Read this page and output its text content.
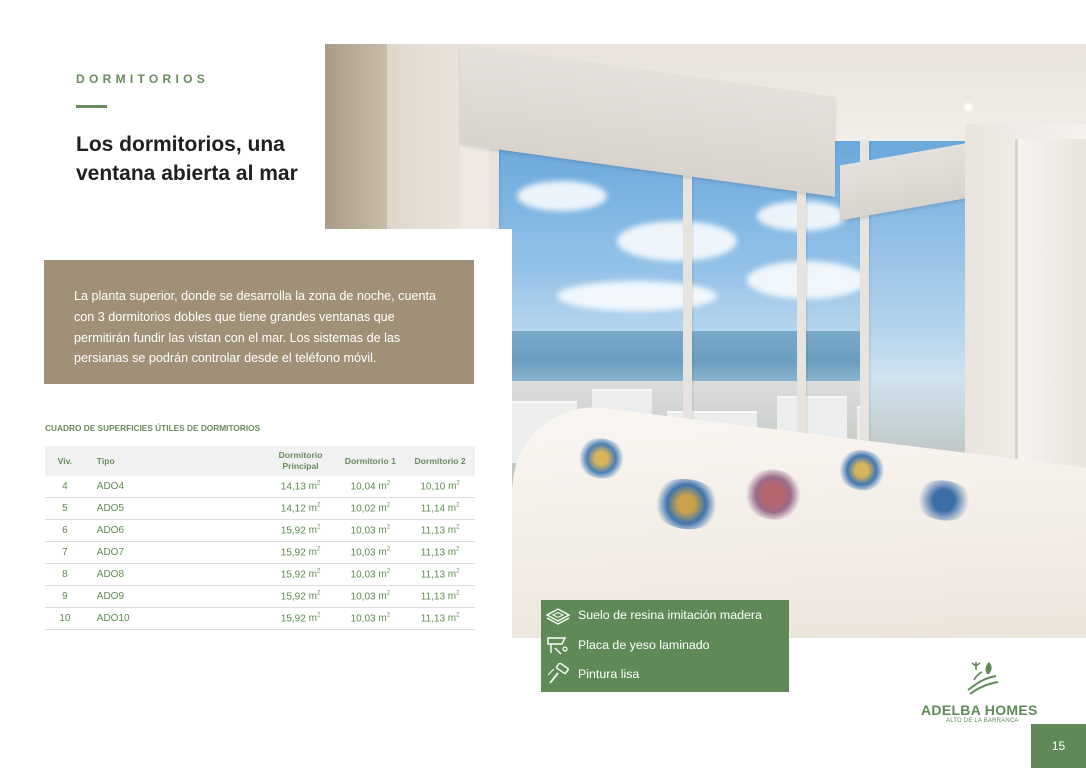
DORMITORIOS
Los dormitorios, una ventana abierta al mar

La planta superior, donde se desarrolla la zona de noche, cuenta con 3 dormitorios dobles que tiene grandes ventanas que permitirán fundir las vistan con el mar. Los sistemas de las persianas se podrán controlar desde el teléfono móvil.

CUADRO DE SUPERFICIES ÚTILES DE DORMITORIOS
Viv.	Tipo	Dormitorio Principal	Dormitorio 1	Dormitorio 2
4	ADO4	14,13 $m^2$	10,04 $m^2$	10,10 $m^2$
5	ADO5	14,12 $m^2$	10,02 $m^2$	11,14 $m^2$
6	ADO6	15,92 $m^2$	10,03 $m^2$	11,13 $m^2$
7	ADO7	15,92 $m^2$	10,03 $m^2$	11,13 $m^2$
8	ADO8	15,92 $m^2$	10,03 $m^2$	11,13 $m^2$
9	ADO9	15,92 $m^2$	10,03 $m^2$	11,13 $m^2$
10	ADO10	15,92 $m^2$	10,03 $m^2$	11,13 $m^2$	Suelo de resina imitación madera
Placa de yeso laminado
Pintura lisa
ADELBA HOMES
ALTO DE LA BARRANCA
15
